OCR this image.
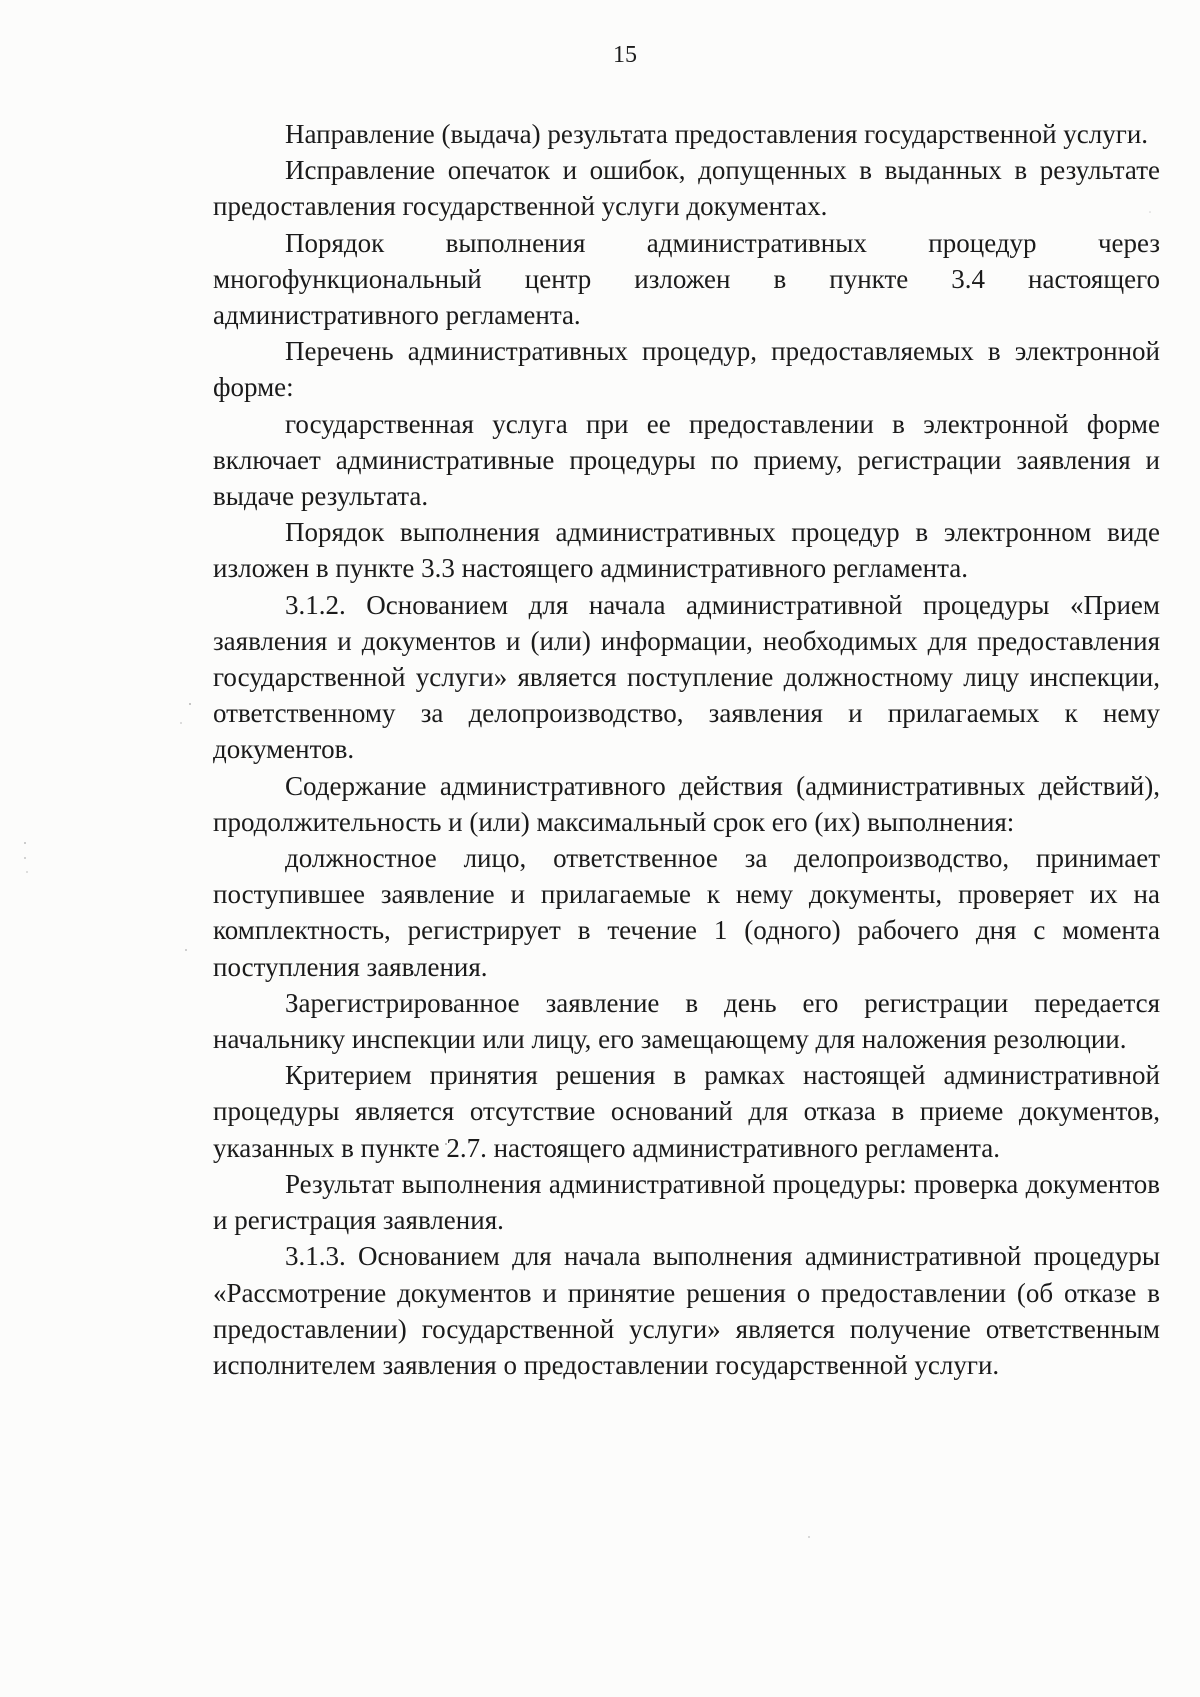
15

Направление (выдача) результата предоставления государственной услуги.

Исправление опечаток и ошибок, допущенных в выданных в результате предоставления государственной услуги документах.

Порядок выполнения административных процедур через многофункциональный центр изложен в пункте 3.4 настоящего административного регламента.

Перечень административных процедур, предоставляемых в электронной форме:

государственная услуга при ее предоставлении в электронной форме включает административные процедуры по приему, регистрации заявления и выдаче результата.

Порядок выполнения административных процедур в электронном виде изложен в пункте 3.3 настоящего административного регламента.

3.1.2. Основанием для начала административной процедуры «Прием заявления и документов и (или) информации, необходимых для предоставления государственной услуги» является поступление должностному лицу инспекции, ответственному за делопроизводство, заявления и прилагаемых к нему документов.

Содержание административного действия (административных действий), продолжительность и (или) максимальный срок его (их) выполнения:

должностное лицо, ответственное за делопроизводство, принимает поступившее заявление и прилагаемые к нему документы, проверяет их на комплектность, регистрирует в течение 1 (одного) рабочего дня с момента поступления заявления.

Зарегистрированное заявление в день его регистрации передается начальнику инспекции или лицу, его замещающему для наложения резолюции.

Критерием принятия решения в рамках настоящей административной процедуры является отсутствие оснований для отказа в приеме документов, указанных в пункте 2.7. настоящего административного регламента.

Результат выполнения административной процедуры: проверка документов и регистрация заявления.

3.1.3. Основанием для начала выполнения административной процедуры «Рассмотрение документов и принятие решения о предоставлении (об отказе в предоставлении) государственной услуги» является получение ответственным исполнителем заявления о предоставлении государственной услуги.
